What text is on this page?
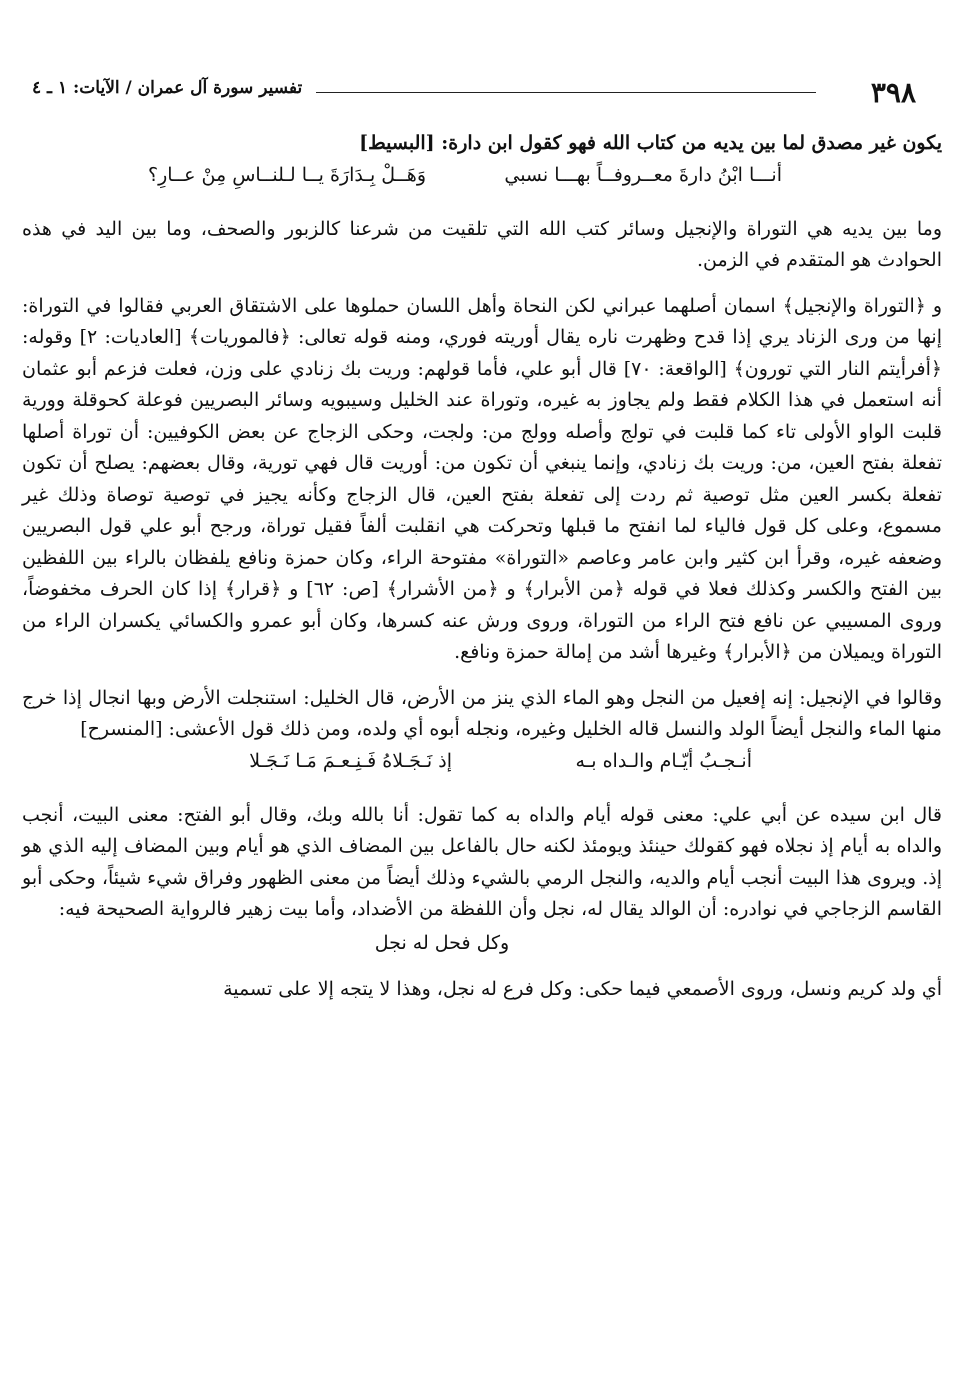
٣٩٨
تفسير سورة آل عمران / الآيات: ١ ـ ٤

يكون غير مصدق لما بين يديه من كتاب الله فهو كقول ابن دارة: [البسيط]

أنـــا ابْنُ دارةَ معــروفــاً بهـــا نسبي
وَهَــلْ بِـدَارَةَ يــا لـلنــاسِ مِنْ عــارِ؟

وما بين يديه هي التوراة والإنجيل وسائر كتب الله التي تلقيت من شرعنا كالزبور والصحف، وما بين اليد في هذه الحوادث هو المتقدم في الزمن.

و ﴿التوراة والإنجيل﴾ اسمان أصلهما عبراني لكن النحاة وأهل اللسان حملوها على الاشتقاق العربي فقالوا في التوراة: إنها من ورى الزناد يري إذا قدح وظهرت ناره يقال أوريته فوري، ومنه قوله تعالى: ﴿فالموريات﴾ [العاديات: ٢] وقوله: ﴿أفرأيتم النار التي تورون﴾ [الواقعة: ٧٠] قال أبو علي، فأما قولهم: وريت بك زنادي على وزن، فعلت فزعم أبو عثمان أنه استعمل في هذا الكلام فقط ولم يجاوز به غيره، وتوراة عند الخليل وسيبويه وسائر البصريين فوعلة كحوقلة وورية قلبت الواو الأولى تاء كما قلبت في تولج وأصله وولج من: ولجت، وحكى الزجاج عن بعض الكوفيين: أن توراة أصلها تفعلة بفتح العين، من: وريت بك زنادي، وإنما ينبغي أن تكون من: أوريت قال فهي تورية، وقال بعضهم: يصلح أن تكون تفعلة بكسر العين مثل توصية ثم ردت إلى تفعلة بفتح العين، قال الزجاج وكأنه يجيز في توصية توصاة وذلك غير مسموع، وعلى كل قول فالياء لما انفتح ما قبلها وتحركت هي انقلبت ألفاً فقيل توراة، ورجح أبو علي قول البصريين وضعفه غيره، وقرأ ابن كثير وابن عامر وعاصم «التوراة» مفتوحة الراء، وكان حمزة ونافع يلفظان بالراء بين اللفظين بين الفتح والكسر وكذلك فعلا في قوله ﴿من الأبرار﴾ و ﴿من الأشرار﴾ [ص: ٦٢] و ﴿قرار﴾ إذا كان الحرف مخفوضاً، وروى المسيبي عن نافع فتح الراء من التوراة، وروى ورش عنه كسرها، وكان أبو عمرو والكسائي يكسران الراء من التوراة ويميلان من ﴿الأبرار﴾ وغيرها أشد من إمالة حمزة ونافع.

وقالوا في الإنجيل: إنه إفعيل من النجل وهو الماء الذي ينز من الأرض، قال الخليل: استنجلت الأرض وبها انجال إذا خرج منها الماء والنجل أيضاً الولد والنسل قاله الخليل وغيره، ونجله أبوه أي ولده، ومن ذلك قول الأعشى: [المنسرح]

أنـجـبُ أيّـام والـداه بـه
إذ نَـجَـلاهُ فَـنِـعـمَ مَـا نَـجَـلا

قال ابن سيده عن أبي علي: معنى قوله أيام والداه به كما تقول: أنا بالله وبك، وقال أبو الفتح: معنى البيت، أنجب والداه به أيام إذ نجلاه فهو كقولك حينئذ ويومئذ لكنه حال بالفاعل بين المضاف الذي هو أيام وبين المضاف إليه الذي هو إذ. ويروى هذا البيت أنجب أيام والديه، والنجل الرمي بالشيء وذلك أيضاً من معنى الظهور وفراق شيء شيئاً، وحكى أبو القاسم الزجاجي في نوادره: أن الوالد يقال له، نجل وأن اللفظة من الأضداد، وأما بيت زهير فالرواية الصحيحة فيه:

وكل فحل له نجل

أي ولد كريم ونسل، وروى الأصمعي فيما حكى: وكل فرع له نجل، وهذا لا يتجه إلا على تسمية
